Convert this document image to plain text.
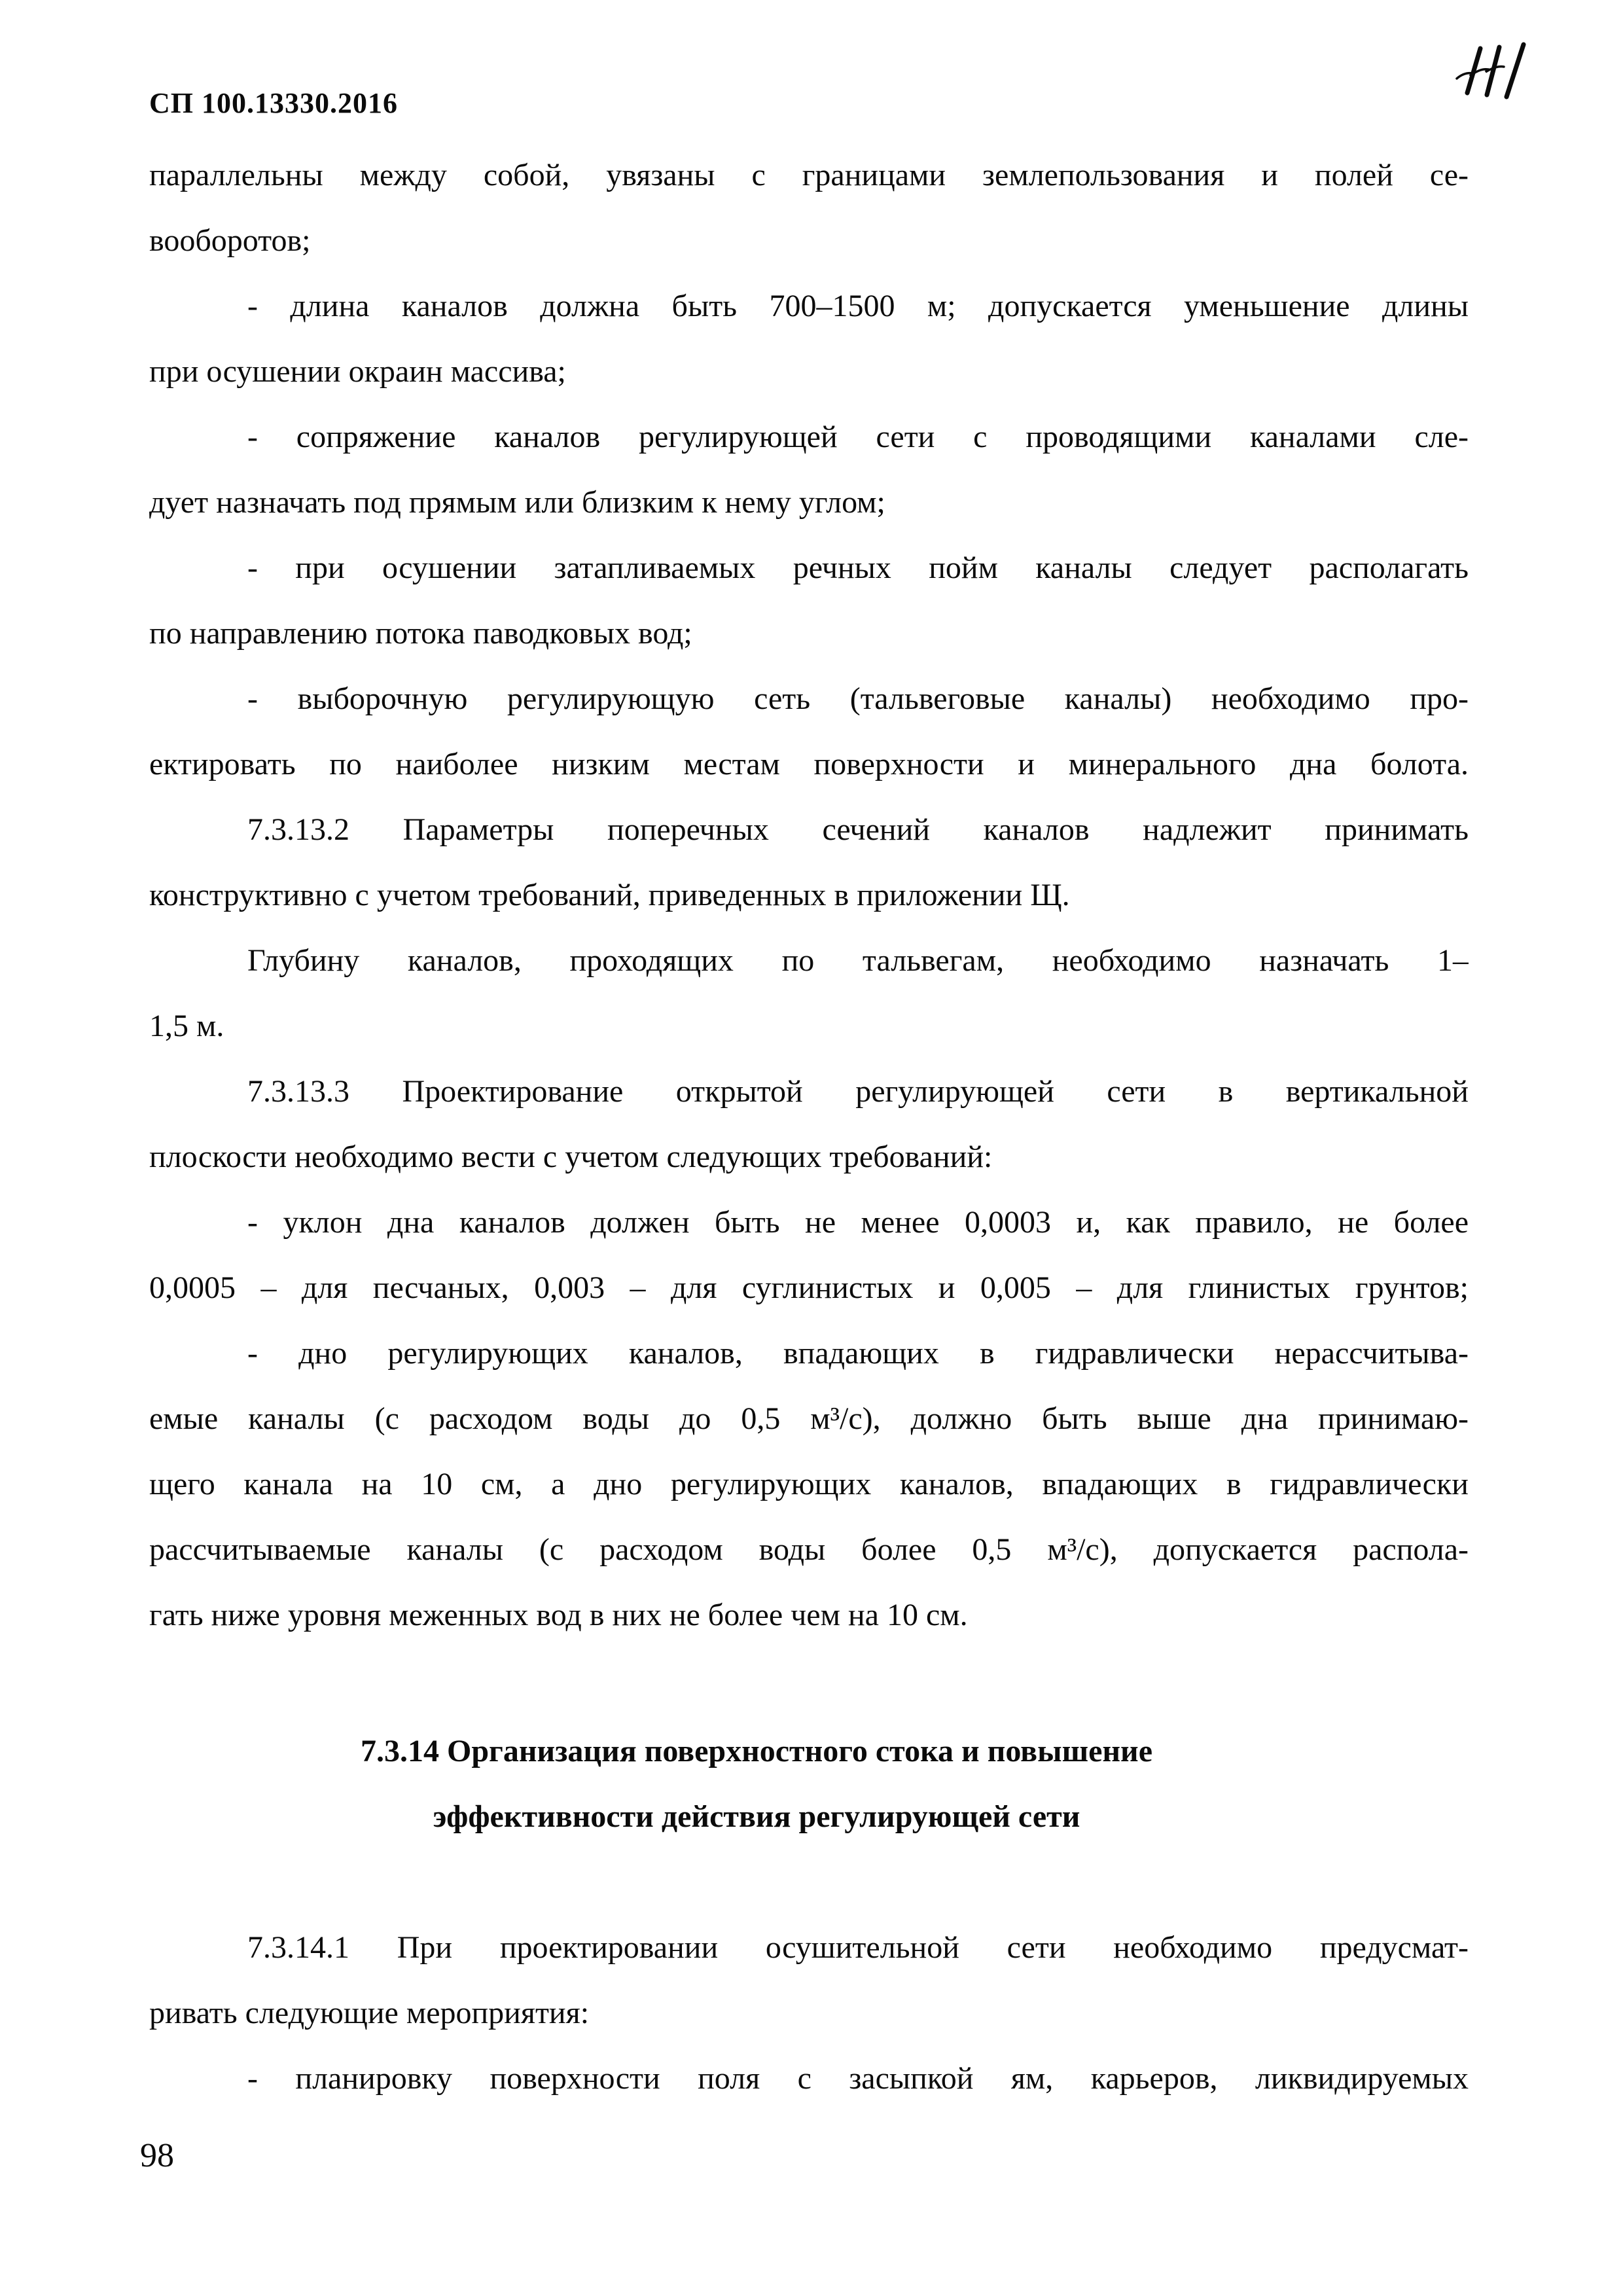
СП 100.13330.2016
параллельны между собой, увязаны с границами землепользования и полей се-
вооборотов;
- длина каналов должна быть 700–1500 м; допускается уменьшение длины
при осушении окраин массива;
- сопряжение каналов регулирующей сети с проводящими каналами сле-
дует назначать под прямым или близким к нему углом;
- при осушении затапливаемых речных пойм каналы следует располагать
по направлению потока паводковых вод;
- выборочную регулирующую сеть (тальвеговые каналы) необходимо про-
ектировать по наиболее низким местам поверхности и минерального дна болота.
7.3.13.2 Параметры поперечных сечений каналов надлежит принимать
конструктивно с учетом требований, приведенных в приложении Щ.
Глубину каналов, проходящих по тальвегам, необходимо назначать 1–
1,5 м.
7.3.13.3 Проектирование открытой регулирующей сети в вертикальной
плоскости необходимо вести с учетом следующих требований:
- уклон дна каналов должен быть не менее 0,0003 и, как правило, не более
0,0005 – для песчаных, 0,003 – для суглинистых и 0,005 – для глинистых грунтов;
- дно регулирующих каналов, впадающих в гидравлически нерассчитыва-
емые каналы (с расходом воды до 0,5 м³/с), должно быть выше дна принимаю-
щего канала на 10 см, а дно регулирующих каналов, впадающих в гидравлически
рассчитываемые каналы (с расходом воды более 0,5 м³/с), допускается распола-
гать ниже уровня меженных вод в них не более чем на 10 см.
7.3.14 Организация поверхностного стока и повышение
эффективности действия регулирующей сети
7.3.14.1 При проектировании осушительной сети необходимо предусмат-
ривать следующие мероприятия:
- планировку поверхности поля с засыпкой ям, карьеров, ликвидируемых
98
